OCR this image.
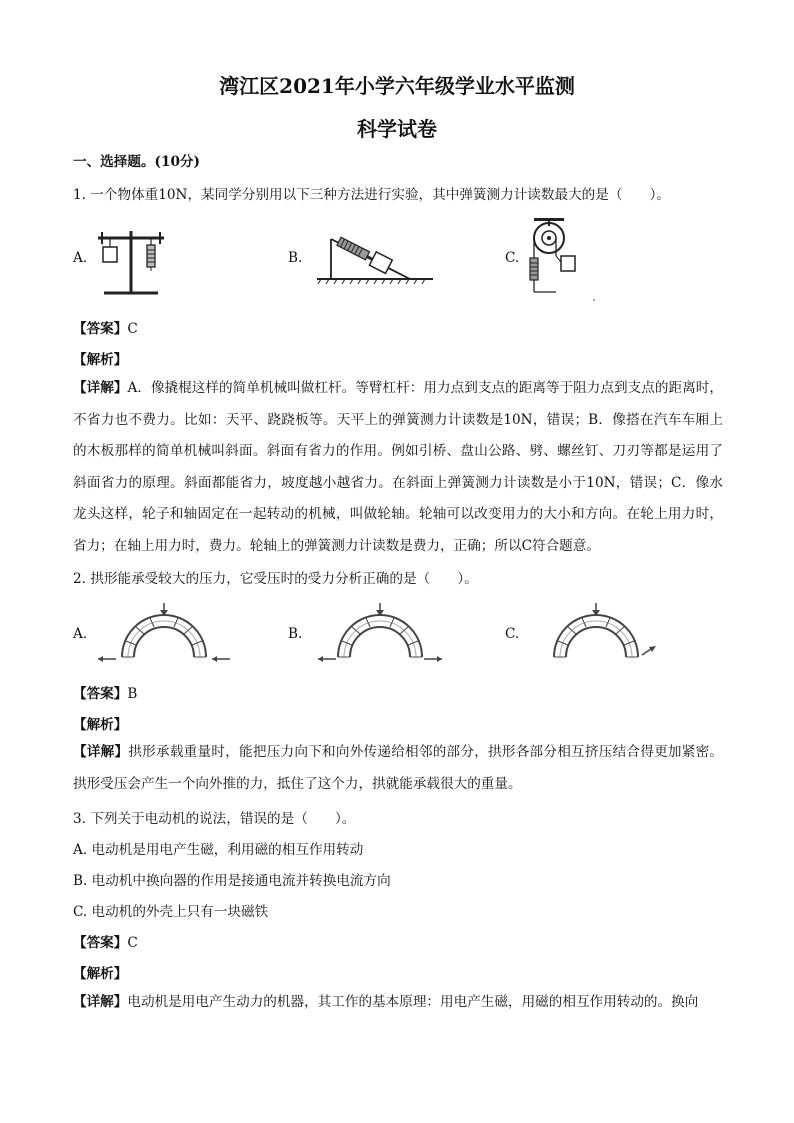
湾江区2021年小学六年级学业水平监测
科学试卷
一、选择题。(10分)
1. 一个物体重10N，某同学分别用以下三种方法进行实验，其中弹簧测力计读数最大的是（　　）。
A.	B.	C.
【答案】C
【解析】
【详解】A．像撬棍这样的简单机械叫做杠杆。等臂杠杆：用力点到支点的距离等于阻力点到支点的距离时，不省力也不费力。比如：天平、跷跷板等。天平上的弹簧测力计读数是10N，错误；B．像搭在汽车车厢上的木板那样的简单机械叫斜面。斜面有省力的作用。例如引桥、盘山公路、劈、螺丝钉、刀刃等都是运用了斜面省力的原理。斜面都能省力，坡度越小越省力。在斜面上弹簧测力计读数是小于10N，错误；C．像水龙头这样，轮子和轴固定在一起转动的机械，叫做轮轴。轮轴可以改变用力的大小和方向。在轮上用力时，省力；在轴上用力时，费力。轮轴上的弹簧测力计读数是费力，正确；所以C符合题意。
2. 拱形能承受较大的压力，它受压时的受力分析正确的是（　　）。
A.	B.	C.
【答案】B
【解析】
【详解】拱形承载重量时，能把压力向下和向外传递给相邻的部分，拱形各部分相互挤压结合得更加紧密。拱形受压会产生一个向外推的力，抵住了这个力，拱就能承载很大的重量。
3. 下列关于电动机的说法，错误的是（　　）。
A. 电动机是用电产生磁，利用磁的相互作用转动
B. 电动机中换向器的作用是接通电流并转换电流方向
C. 电动机的外壳上只有一块磁铁
【答案】C
【解析】
【详解】电动机是用电产生动力的机器，其工作的基本原理：用电产生磁，用磁的相互作用转动的。换向
